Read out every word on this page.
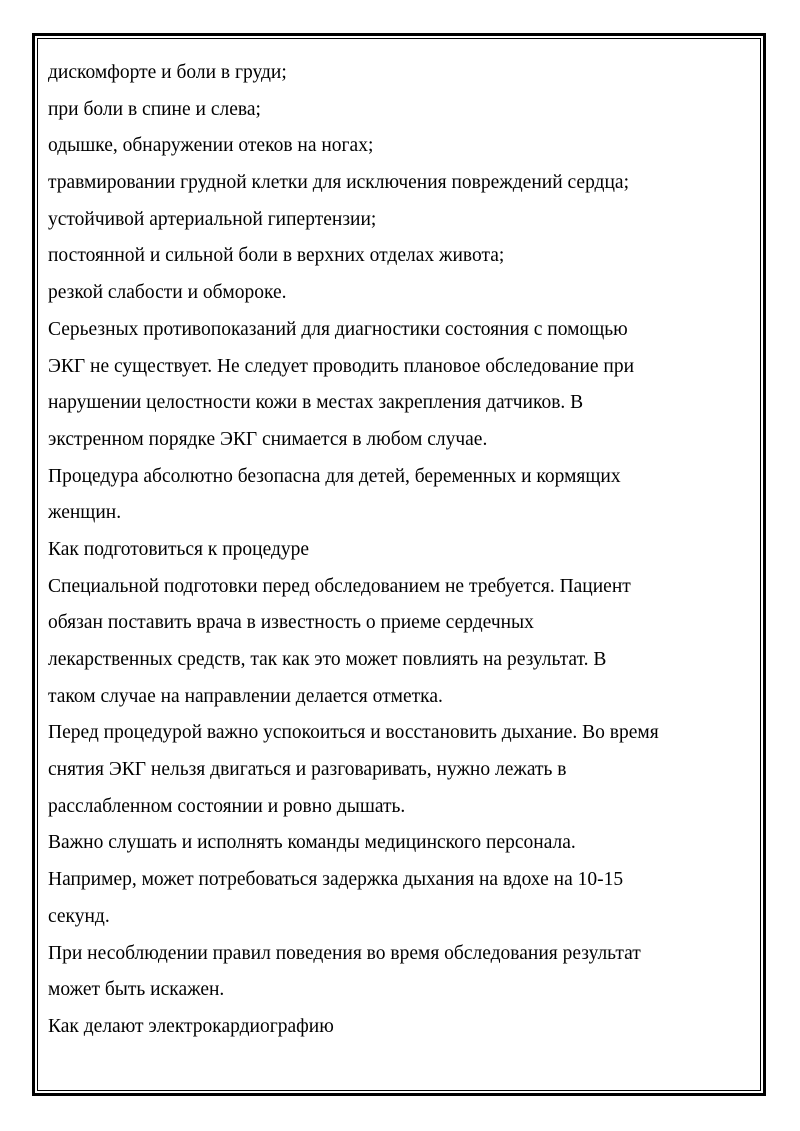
дискомфорте и боли в груди;
при боли в спине и слева;
одышке, обнаружении отеков на ногах;
травмировании грудной клетки для исключения повреждений сердца;
устойчивой артериальной гипертензии;
постоянной и сильной боли в верхних отделах живота;
резкой слабости и обмороке.
Серьезных противопоказаний для диагностики состояния с помощью
ЭКГ не существует. Не следует проводить плановое обследование при
нарушении целостности кожи в местах закрепления датчиков. В
экстренном порядке ЭКГ снимается в любом случае.
Процедура абсолютно безопасна для детей, беременных и кормящих
женщин.
Как подготовиться к процедуре
Специальной подготовки перед обследованием не требуется. Пациент
обязан поставить врача в известность о приеме сердечных
лекарственных средств, так как это может повлиять на результат. В
таком случае на направлении делается отметка.
Перед процедурой важно успокоиться и восстановить дыхание. Во время
снятия ЭКГ нельзя двигаться и разговаривать, нужно лежать в
расслабленном состоянии и ровно дышать.
Важно слушать и исполнять команды медицинского персонала.
Например, может потребоваться задержка дыхания на вдохе на 10-15
секунд.
При несоблюдении правил поведения во время обследования результат
может быть искажен.
Как делают электрокардиографию
